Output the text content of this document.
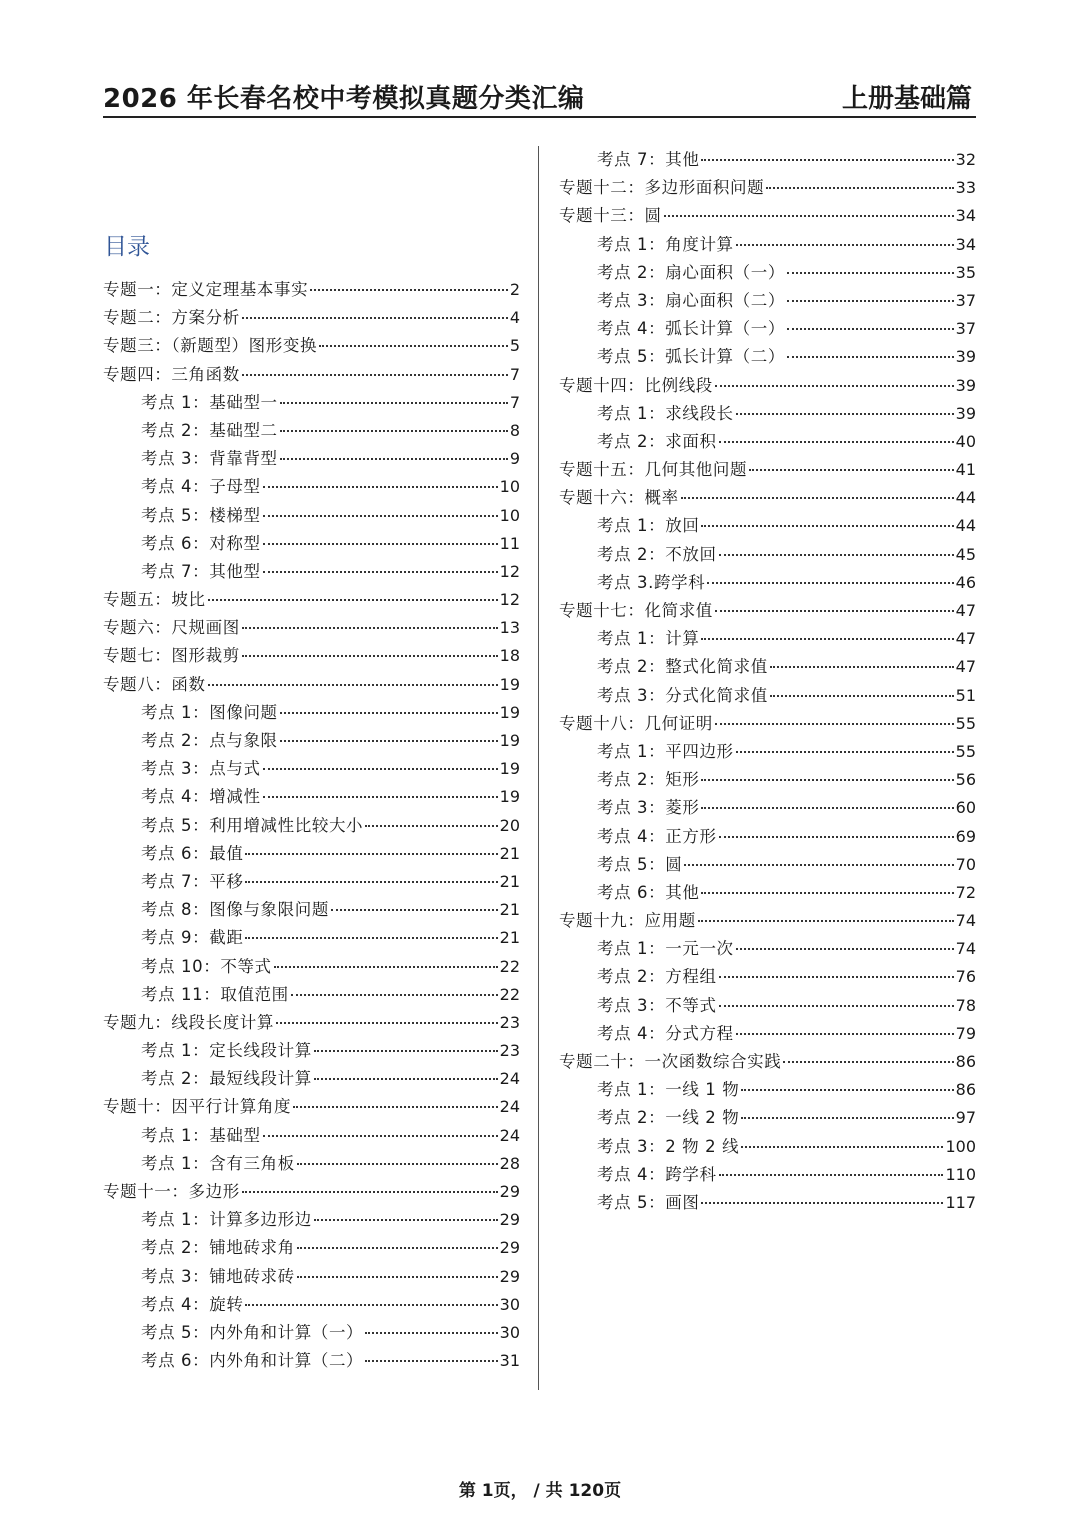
2026 年长春名校中考模拟真题分类汇编	上册基础篇
目录
专题一：定义定理基本事实	2
专题二：方案分析	4
专题三：（新题型）图形变换	5
专题四：三角函数	7
考点 1：基础型一	7
考点 2：基础型二	8
考点 3：背靠背型	9
考点 4：子母型	10
考点 5：楼梯型	10
考点 6：对称型	11
考点 7：其他型	12
专题五：坡比	12
专题六：尺规画图	13
专题七：图形裁剪	18
专题八：函数	19
考点 1：图像问题	19
考点 2：点与象限	19
考点 3：点与式	19
考点 4：增减性	19
考点 5：利用增减性比较大小	20
考点 6：最值	21
考点 7：平移	21
考点 8：图像与象限问题	21
考点 9：截距	21
考点 10：不等式	22
考点 11：取值范围	22
专题九：线段长度计算	23
考点 1：定长线段计算	23
考点 2：最短线段计算	24
专题十：因平行计算角度	24
考点 1：基础型	24
考点 1：含有三角板	28
专题十一：多边形	29
考点 1：计算多边形边	29
考点 2：铺地砖求角	29
考点 3：铺地砖求砖	29
考点 4：旋转	30
考点 5：内外角和计算（一）	30
考点 6：内外角和计算（二）	31
考点 7：其他	32
专题十二：多边形面积问题	33
专题十三：圆	34
考点 1：角度计算	34
考点 2：扇心面积（一）	35
考点 3：扇心面积（二）	37
考点 4：弧长计算（一）	37
考点 5：弧长计算（二）	39
专题十四：比例线段	39
考点 1：求线段长	39
考点 2：求面积	40
专题十五：几何其他问题	41
专题十六：概率	44
考点 1：放回	44
考点 2：不放回	45
考点 3.跨学科	46
专题十七：化简求值	47
考点 1：计算	47
考点 2：整式化简求值	47
考点 3：分式化简求值	51
专题十八：几何证明	55
考点 1：平四边形	55
考点 2：矩形	56
考点 3：菱形	60
考点 4：正方形	69
考点 5：圆	70
考点 6：其他	72
专题十九：应用题	74
考点 1：一元一次	74
考点 2：方程组	76
考点 3：不等式	78
考点 4：分式方程	79
专题二十：一次函数综合实践	86
考点 1：一线 1 物	86
考点 2：一线 2 物	97
考点 3：2 物 2 线	100
考点 4：跨学科	110
考点 5：画图	117
第 1页， / 共 120页
